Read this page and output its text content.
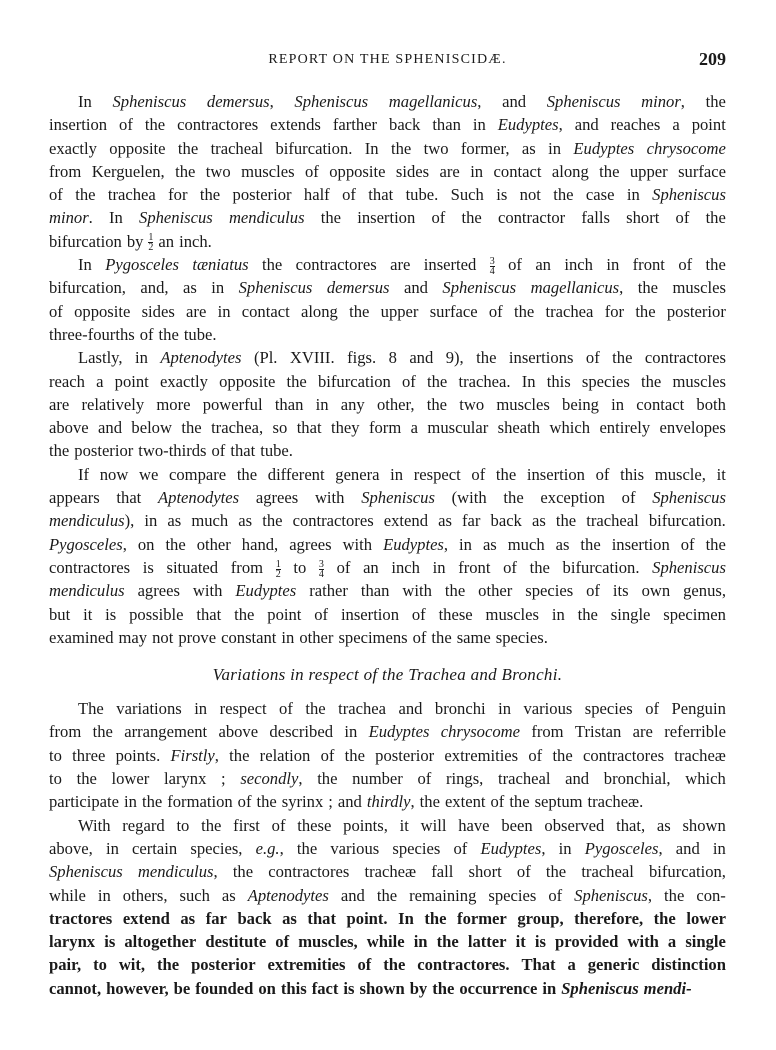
REPORT ON THE SPHENISCIDÆ.	209
In Spheniscus demersus, Spheniscus magellanicus, and Spheniscus minor, the
insertion of the contractores extends farther back than in Eudyptes, and reaches a point
exactly opposite the tracheal bifurcation. In the two former, as in Eudyptes chrysocome
from Kerguelen, the two muscles of opposite sides are in contact along the upper surface
of the trachea for the posterior half of that tube. Such is not the case in Spheniscus
minor. In Spheniscus mendiculus the insertion of the contractor falls short of the
bifurcation by $\frac{1}{2}$ an inch.
In Pygosceles tæniatus the contractores are inserted $\frac{3}{4}$ of an inch in front of the
bifurcation, and, as in Spheniscus demersus and Spheniscus magellanicus, the muscles
of opposite sides are in contact along the upper surface of the trachea for the posterior
three-fourths of the tube.
Lastly, in Aptenodytes (Pl. XVIII. figs. 8 and 9), the insertions of the contractores
reach a point exactly opposite the bifurcation of the trachea. In this species the muscles
are relatively more powerful than in any other, the two muscles being in contact both
above and below the trachea, so that they form a muscular sheath which entirely envelopes
the posterior two-thirds of that tube.
If now we compare the different genera in respect of the insertion of this muscle, it
appears that Aptenodytes agrees with Spheniscus (with the exception of Spheniscus
mendiculus), in as much as the contractores extend as far back as the tracheal bifurcation.
Pygosceles, on the other hand, agrees with Eudyptes, in as much as the insertion of the
contractores is situated from $\frac{1}{2}$ to $\frac{3}{4}$ of an inch in front of the bifurcation. Spheniscus
mendiculus agrees with Eudyptes rather than with the other species of its own genus,
but it is possible that the point of insertion of these muscles in the single specimen
examined may not prove constant in other specimens of the same species.
Variations in respect of the Trachea and Bronchi.
The variations in respect of the trachea and bronchi in various species of Penguin
from the arrangement above described in Eudyptes chrysocome from Tristan are referrible
to three points. Firstly, the relation of the posterior extremities of the contractores tracheæ
to the lower larynx ; secondly, the number of rings, tracheal and bronchial, which
participate in the formation of the syrinx ; and thirdly, the extent of the septum tracheæ.
With regard to the first of these points, it will have been observed that, as shown
above, in certain species, e.g., the various species of Eudyptes, in Pygosceles, and in
Spheniscus mendiculus, the contractores tracheæ fall short of the tracheal bifurcation,
while in others, such as Aptenodytes and the remaining species of Spheniscus, the con-
tractores extend as far back as that point. In the former group, therefore, the lower
larynx is altogether destitute of muscles, while in the latter it is provided with a single
pair, to wit, the posterior extremities of the contractores. That a generic distinction
cannot, however, be founded on this fact is shown by the occurrence in Spheniscus mendi-
